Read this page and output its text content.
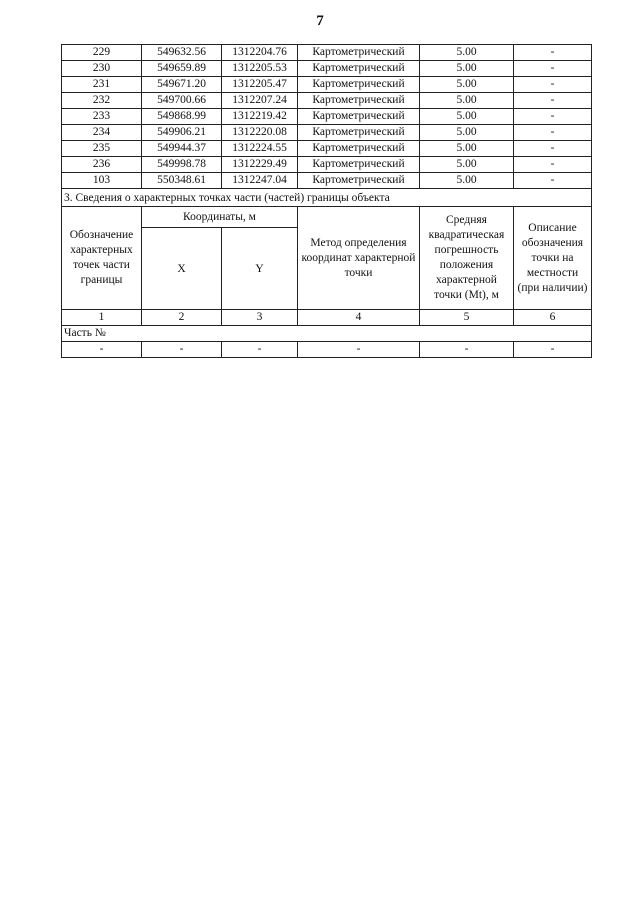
7
229	549632.56	1312204.76	Картометрический	5.00	-
230	549659.89	1312205.53	Картометрический	5.00	-
231	549671.20	1312205.47	Картометрический	5.00	-
232	549700.66	1312207.24	Картометрический	5.00	-
233	549868.99	1312219.42	Картометрический	5.00	-
234	549906.21	1312220.08	Картометрический	5.00	-
235	549944.37	1312224.55	Картометрический	5.00	-
236	549998.78	1312229.49	Картометрический	5.00	-
103	550348.61	1312247.04	Картометрический	5.00	-
3. Сведения о характерных точках части (частей) границы объекта					
Обозначение характерных точек части границы	Координаты, м		Метод определения координат характерной точки	Средняя квадратическая погрешность положения характерной точки (Mt), м	Описание обозначения точки на местности (при наличии)
	X	Y			
1	2	3	4	5	6
Часть №					
-	-	-	-	-	-
